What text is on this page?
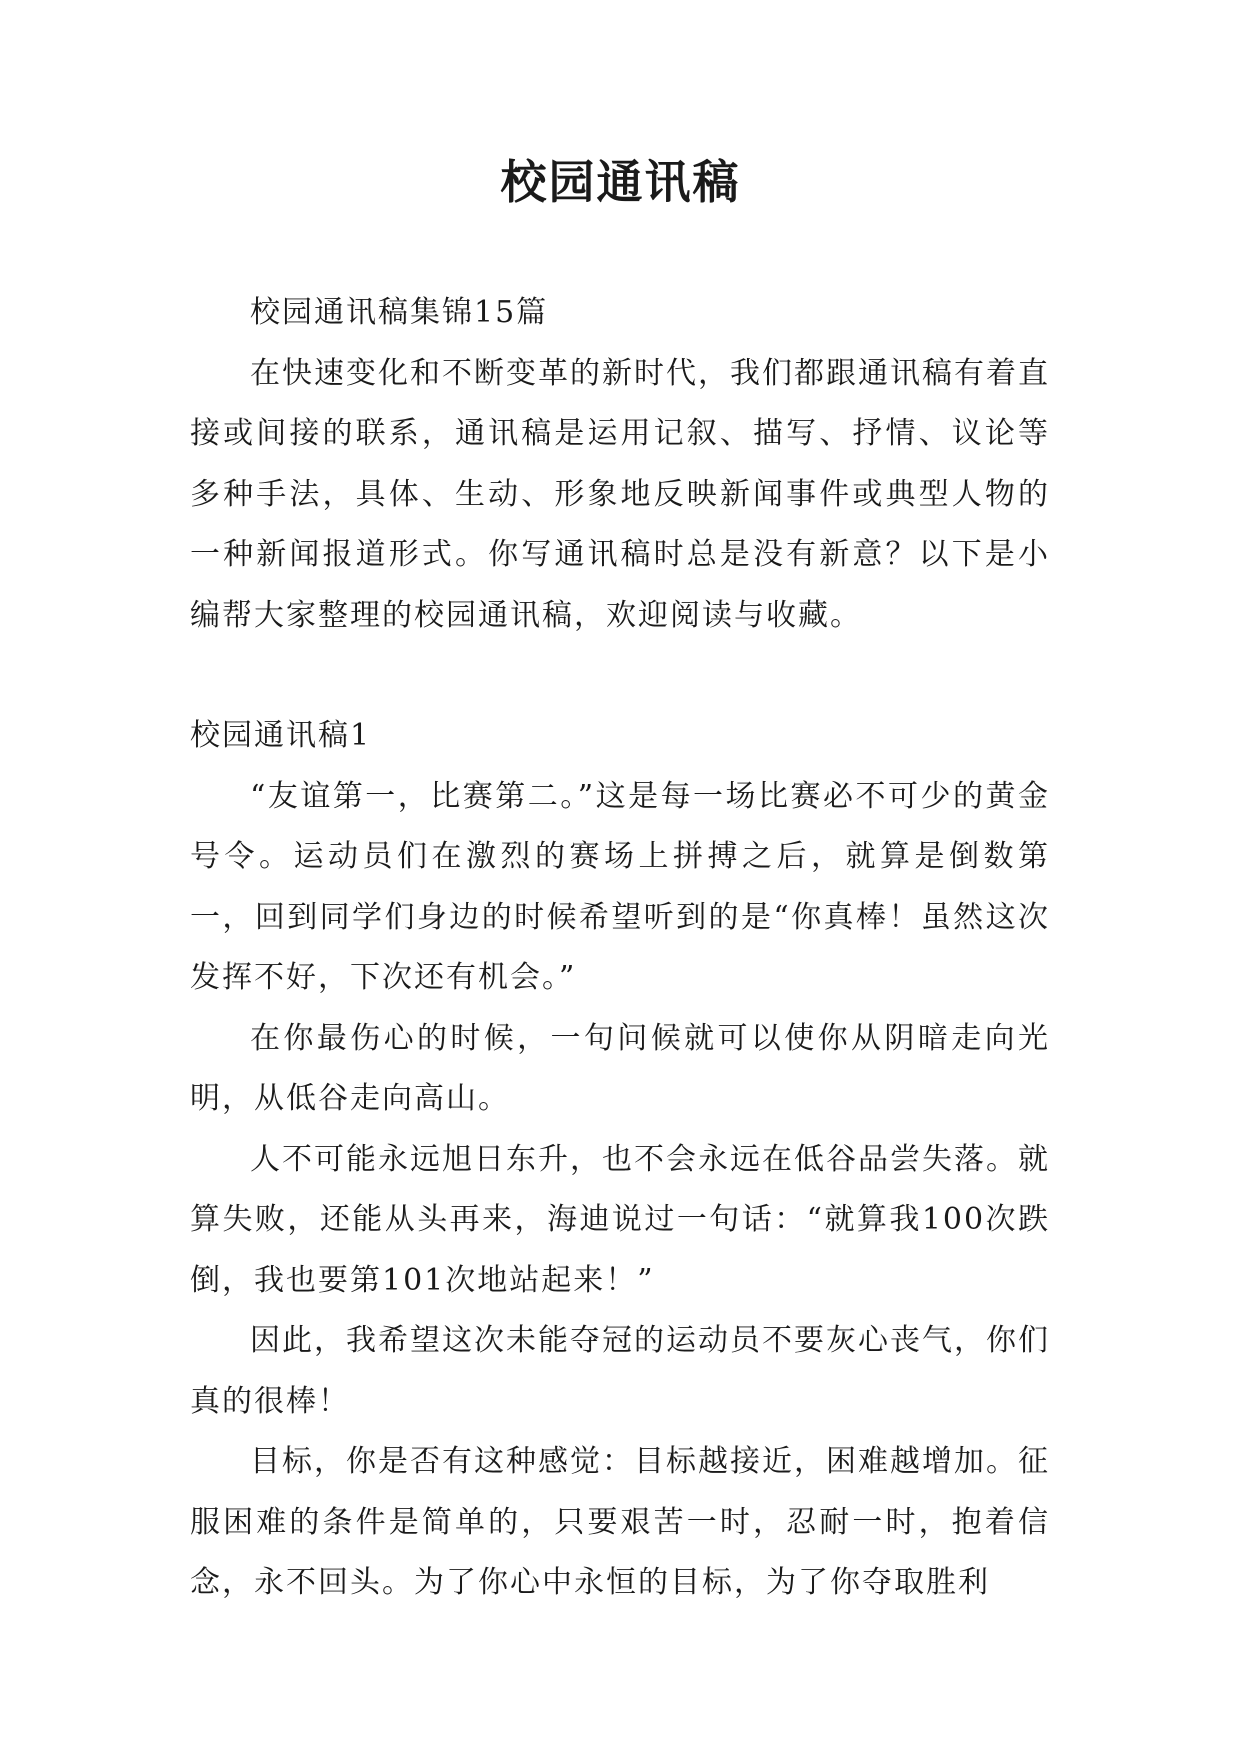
校园通讯稿

校园通讯稿集锦15篇

在快速变化和不断变革的新时代，我们都跟通讯稿有着直接或间接的联系，通讯稿是运用记叙、描写、抒情、议论等多种手法，具体、生动、形象地反映新闻事件或典型人物的一种新闻报道形式。你写通讯稿时总是没有新意？以下是小编帮大家整理的校园通讯稿，欢迎阅读与收藏。

校园通讯稿1

“友谊第一，比赛第二。”这是每一场比赛必不可少的黄金号令。运动员们在激烈的赛场上拼搏之后，就算是倒数第一，回到同学们身边的时候希望听到的是“你真棒！虽然这次发挥不好，下次还有机会。”

在你最伤心的时候，一句问候就可以使你从阴暗走向光明，从低谷走向高山。

人不可能永远旭日东升，也不会永远在低谷品尝失落。就算失败，还能从头再来，海迪说过一句话：“就算我100次跌倒，我也要第101次地站起来！”

因此，我希望这次未能夺冠的运动员不要灰心丧气，你们真的很棒！

目标，你是否有这种感觉：目标越接近，困难越增加。征服困难的条件是简单的，只要艰苦一时，忍耐一时，抱着信念，永不回头。为了你心中永恒的目标，为了你夺取胜利
